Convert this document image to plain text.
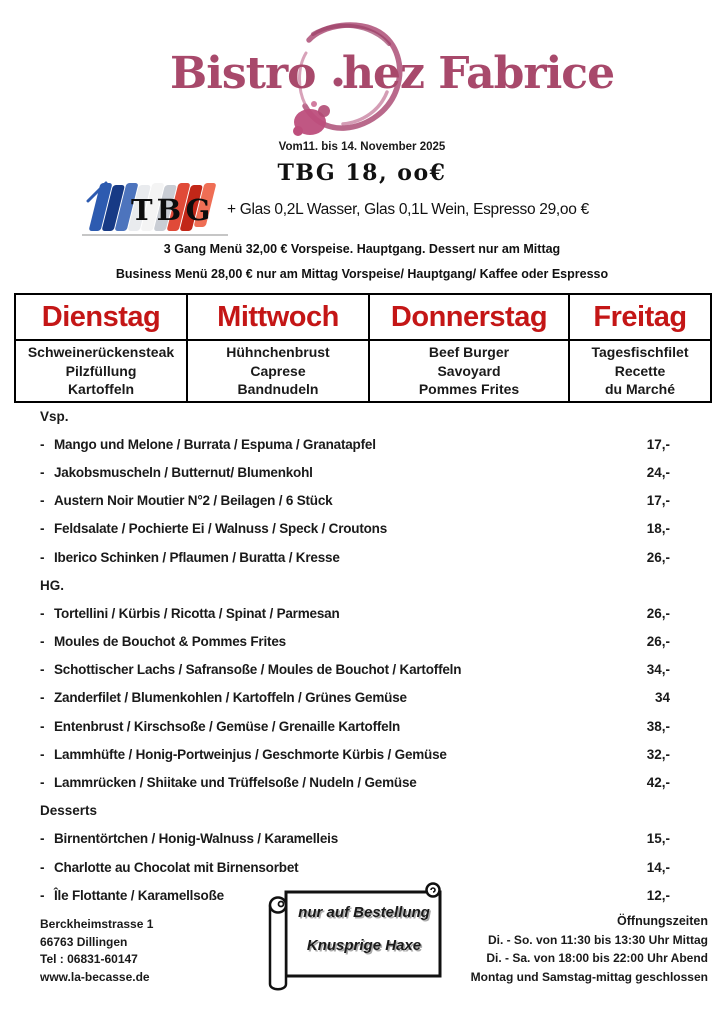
Bistro hez Fabrice
Vom11. bis 14. November 2025
TBG 18, oo€
TBG + Glas 0,2L Wasser, Glas 0,1L Wein, Espresso 29,oo €
3 Gang Menü 32,00 € Vorspeise. Hauptgang. Dessert nur am Mittag
Business Menü 28,00 € nur am Mittag Vorspeise/ Hauptgang/ Kaffee oder Espresso
Dienstag	Mittwoch	Donnerstag	Freitag

Schweinerückensteak
Pilzfüllung
Kartoffeln

Hühnchenbrust
Caprese
Bandnudeln

Beef Burger
Savoyard
Pommes Frites

Tagesfischfilet
Recette
du Marché
Vsp.
- Mango und Melone / Burrata / Espuma / Granatapfel	17,-
- Jakobsmuscheln / Butternut/ Blumenkohl	24,-
- Austern Noir Moutier N°2 / Beilagen / 6 Stück	17,-
- Feldsalate / Pochierte Ei / Walnuss / Speck / Croutons	18,-
- Iberico Schinken / Pflaumen / Buratta / Kresse	26,-
HG.
- Tortellini / Kürbis / Ricotta / Spinat / Parmesan	26,-
- Moules de Bouchot & Pommes Frites	26,-
- Schottischer Lachs / Safransoße / Moules de Bouchot / Kartoffeln	34,-
- Zanderfilet / Blumenkohlen / Kartoffeln / Grünes Gemüse	34
- Entenbrust / Kirschsoße / Gemüse / Grenaille Kartoffeln	38,-
- Lammhüfte / Honig-Portweinjus / Geschmorte Kürbis / Gemüse	32,-
- Lammrücken / Shiitake und Trüffelsoße / Nudeln / Gemüse	42,-
Desserts
- Birnentörtchen / Honig-Walnuss / Karamelleis	15,-
- Charlotte au Chocolat mit Birnensorbet	14,-
- Île Flottante / Karamellsoße	12,-
Berckheimstrasse 1
66763 Dillingen
Tel : 06831-60147
www.la-becasse.de
nur auf Bestellung
Knusprige Haxe
Öffnungszeiten
Di. - So. von 11:30 bis 13:30 Uhr Mittag
Di. - Sa. von 18:00 bis 22:00 Uhr Abend
Montag und Samstag-mittag geschlossen
